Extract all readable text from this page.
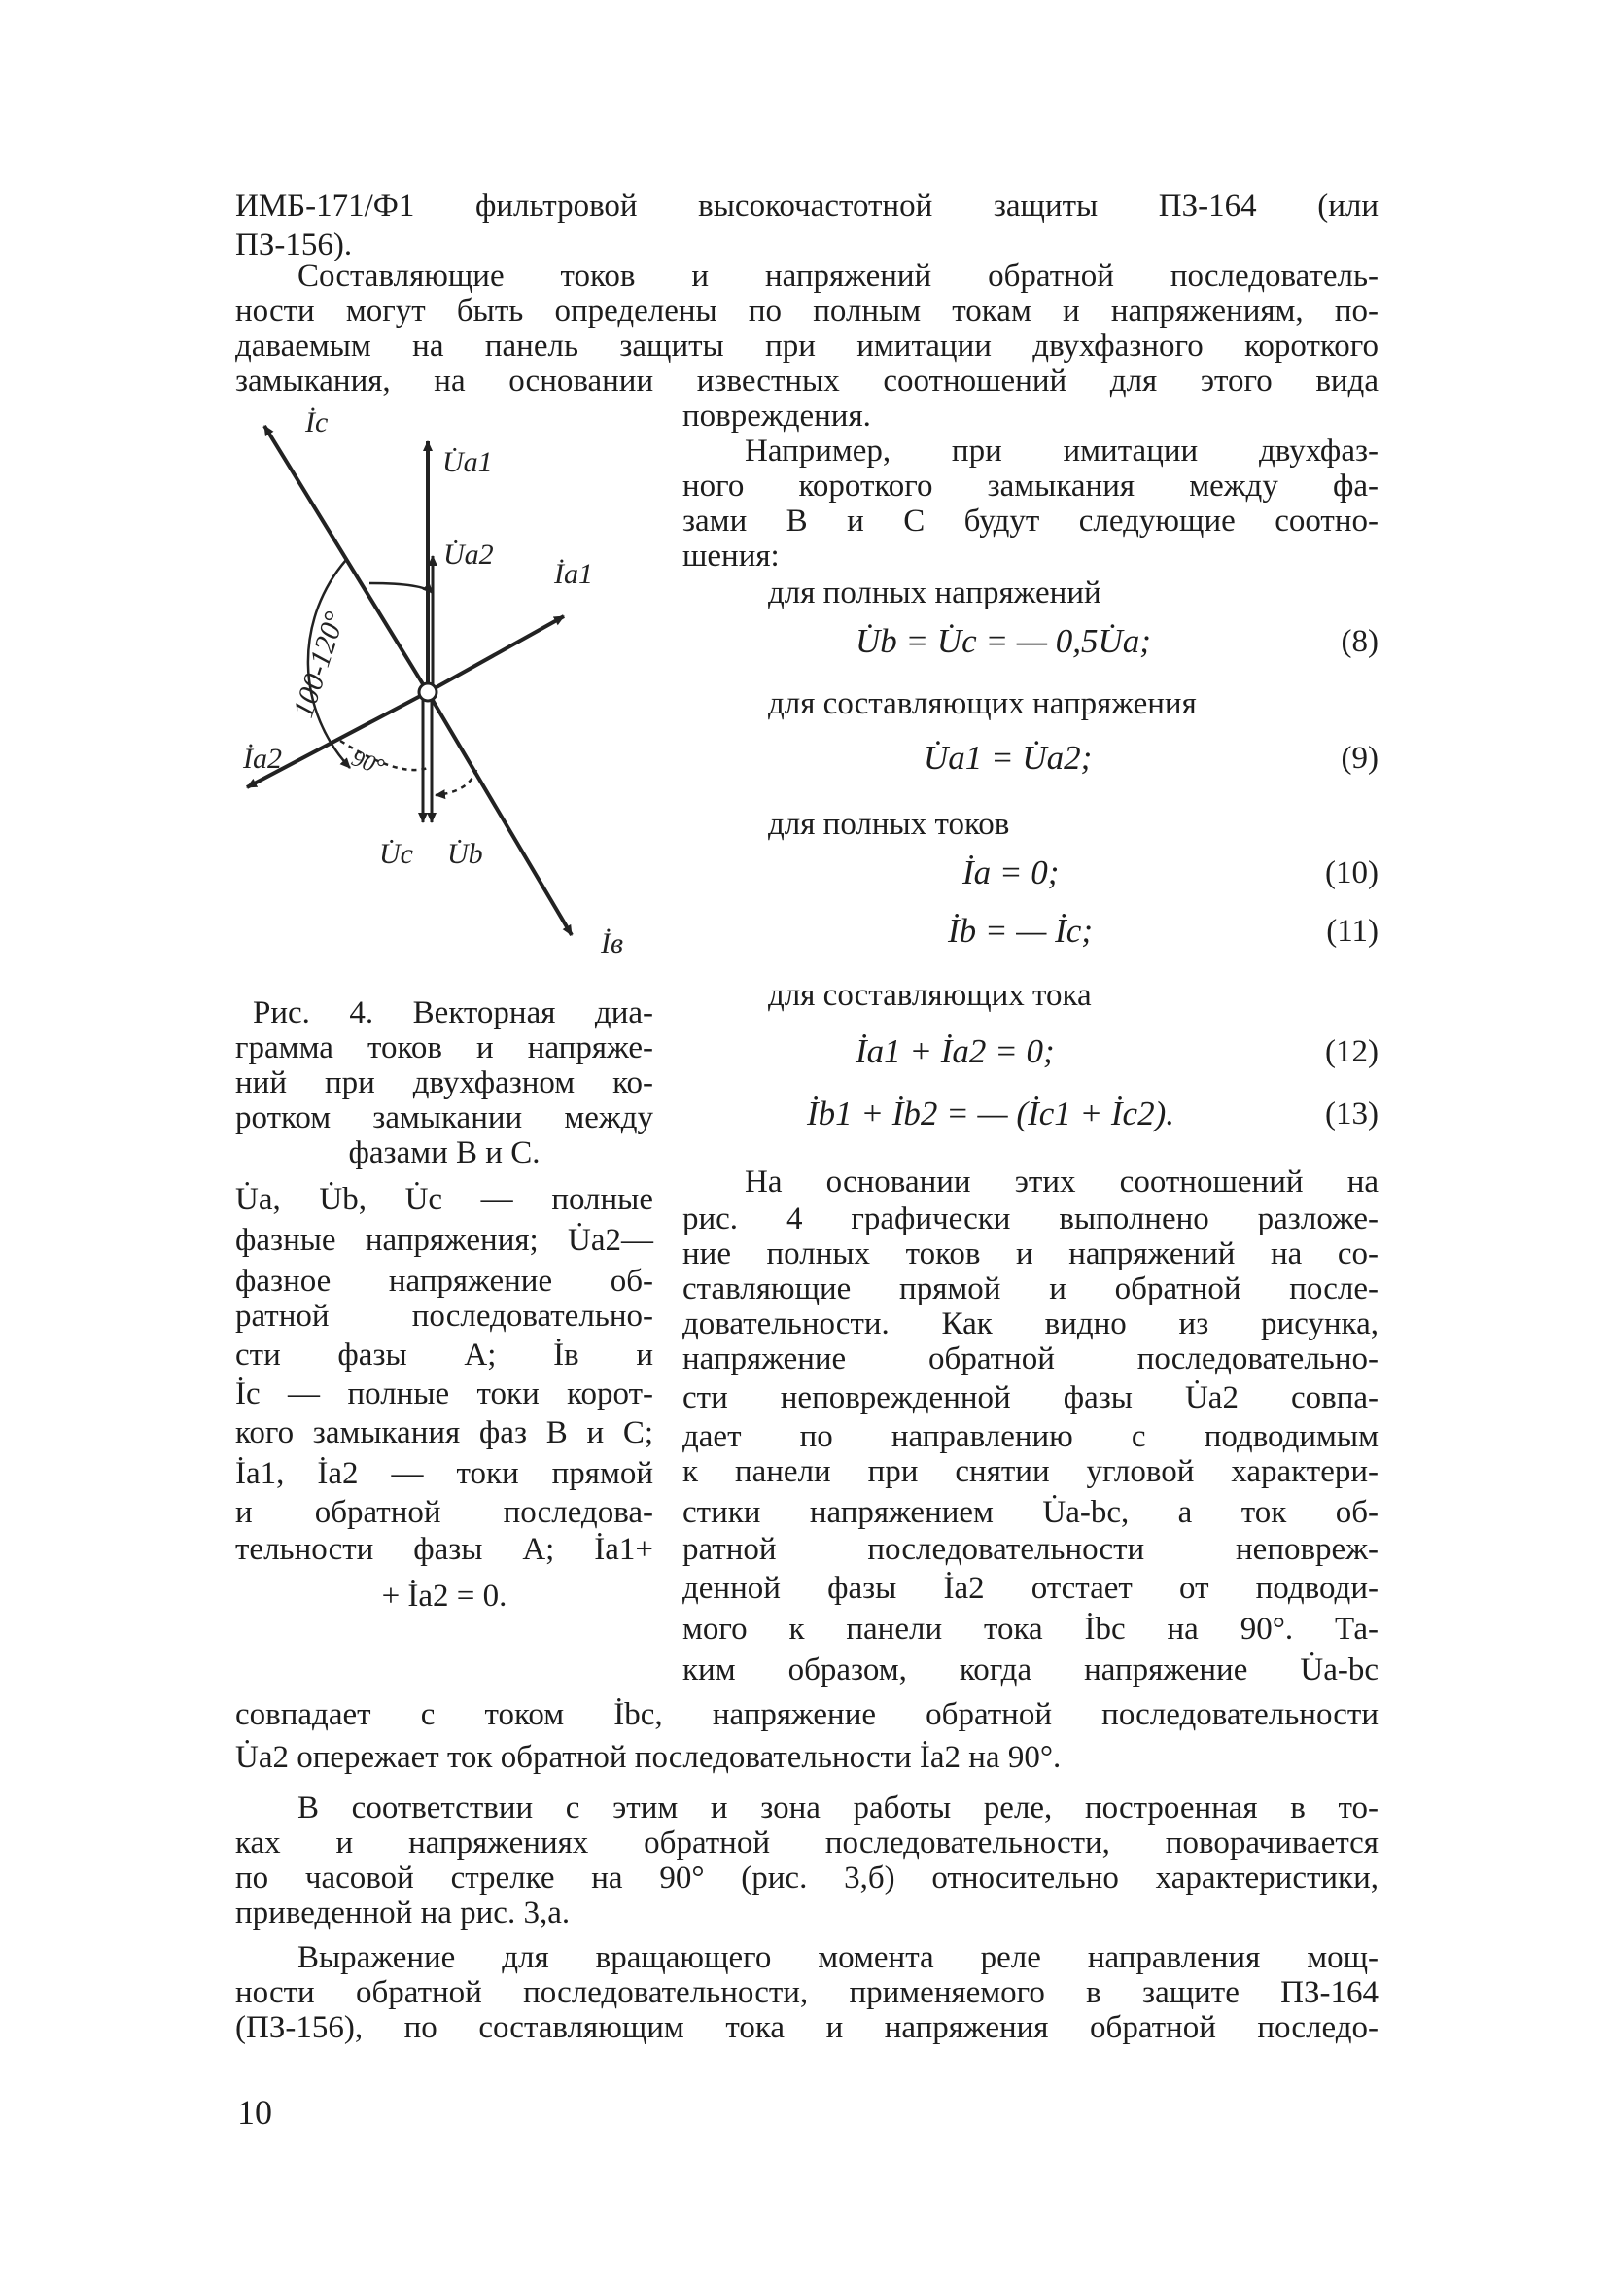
ИМБ-171/Ф1 фильтровой высокочастотной защиты ПЗ-164 (или
ПЗ-156).
Составляющие токов и напряжений обратной последователь-
ности могут быть определены по полным токам и напряжениям, по-
даваемым на панель защиты при имитации двухфазного короткого
замыкания, на основании известных соотношений для этого вида
повреждения.
Например, при имитации двухфаз-
ного короткого замыкания между фа-
зами В и С будут следующие соотно-
шения:
для полных напряжений
U̇b = U̇c = — 0,5U̇a;	(8)
для составляющих напряжения
U̇a1 = U̇a2;	(9)
для полных токов
İa = 0;	(10)
İb = — İc;	(11)
для составляющих тока
İa1 + İa2 = 0;	(12)
İb1 + İb2 = — (İc1 + İc2).	(13)
İc
U̇a1
U̇a2
İa1
İa2
U̇c U̇b
İв
100-120°
90°
Рис. 4. Векторная диа-
грамма токов и напряже-
ний при двухфазном ко-
ротком замыкании между
фазами В и С.
U̇a, U̇b, U̇c — полные
фазные напряжения; U̇a2—
фазное напряжение об-
ратной последовательно-
сти фазы А; İв и
İc — полные токи корот-
кого замыкания фаз В и С;
İa1, İa2 — токи прямой
и обратной последова-
тельности фазы А; İa1+
+ İa2 = 0.
На основании этих соотношений на
рис. 4 графически выполнено разложе-
ние полных токов и напряжений на со-
ставляющие прямой и обратной после-
довательности. Как видно из рисунка,
напряжение обратной последовательно-
сти неповрежденной фазы U̇a2 совпа-
дает по направлению с подводимым
к панели при снятии угловой характери-
стики напряжением U̇a-bc, а ток об-
ратной последовательности неповреж-
денной фазы İa2 отстает от подводи-
мого к панели тока İbc на 90°. Та-
ким образом, когда напряжение U̇a-bc
совпадает с током İbc, напряжение обратной последовательности
U̇a2 опережает ток обратной последовательности İa2 на 90°.
В соответствии с этим и зона работы реле, построенная в то-
ках и напряжениях обратной последовательности, поворачивается
по часовой стрелке на 90° (рис. 3,б) относительно характеристики,
приведенной на рис. 3,а.
Выражение для вращающего момента реле направления мощ-
ности обратной последовательности, применяемого в защите ПЗ-164
(ПЗ-156), по составляющим тока и напряжения обратной последо-
10
